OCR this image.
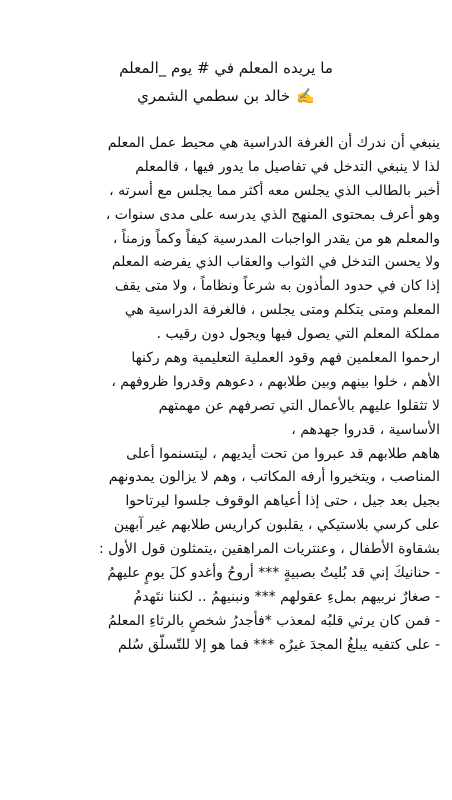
ما يريده المعلم في # يوم _المعلم
✍️خالد بن سطمي الشمري
ينبغي أن ندرك أن الغرفة الدراسية هي محيط عمل المعلم
لذا لا ينبغي التدخل في تفاصيل ما يدور فيها ، فالمعلم
أخبر بالطالب الذي يجلس معه أكثر مما يجلس مع أسرته ،
وهو أعرف بمحتوى المنهج الذي يدرسه على مدى سنوات ،
والمعلم هو من يقدر الواجبات المدرسية كيفاً وكماً وزمناً ،
ولا يحسن التدخل في الثواب والعقاب الذي يفرضه المعلم
إذا كان في حدود المأذون به شرعاً ونظاماً ، ولا متى يقف
المعلم ومتى يتكلم ومتى يجلس ، فالغرفة الدراسية هي
مملكة المعلم التي يصول فيها ويجول دون رقيب .
ارحموا المعلمين فهم وقود العملية التعليمية وهم ركنها
الأهم ، خلوا بينهم وبين طلابهم ، دعوهم وقدروا ظروفهم ،
لا تثقلوا عليهم بالأعمال التي تصرفهم عن مهمتهم
الأساسية ، قدروا جهدهم ،
هاهم طلابهم قد عبروا من تحت أيديهم ، ليتسنموا أعلى
المناصب ، ويتخيروا أرفه المكاتب ، وهم لا يزالون يمدونهم
بجيل بعد جيل ، حتى إذا أعياهم الوقوف جلسوا ليرتاحوا
على كرسي بلاستيكي ، يقلبون كراريس طلابهم غير آبهين
بشقاوة الأطفال ، وعنتريات المراهقين ،يتمثلون قول الأول :
- حنانيكَ إني قد بُليتُ بصبيةٍ *** أروحُ وأغدو كلَ يومٍ عليهمُ
- صغارٌ نربيهم بملءِ عقولهم *** ونبنيهمُ .. لكننا نتَهدمُ
- فمن كان يرثي قلبُه لمعذب *فأجدرُ شخصٍ بالرثاءِ المعلمُ
- على كتفيه يبلغُ المجدَ غيرُه *** فما هو إلا للتّسلّق سُلم
